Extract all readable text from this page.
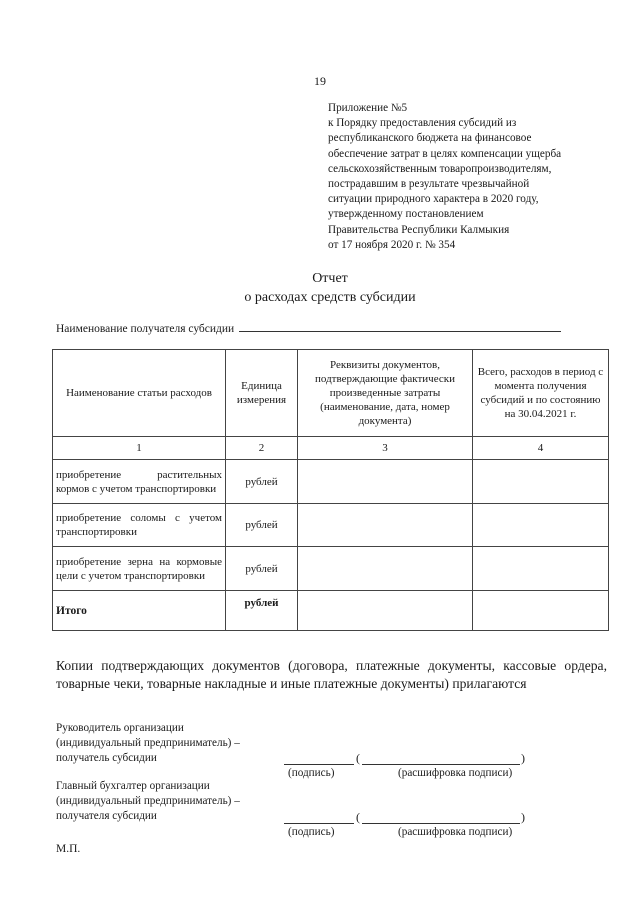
19
Приложение №5
к Порядку предоставления субсидий из
республиканского бюджета на финансовое
обеспечение затрат в целях компенсации ущерба
сельскохозяйственным товаропроизводителям,
пострадавшим в результате чрезвычайной
ситуации природного характера в 2020 году,
утвержденному постановлением
Правительства Республики Калмыкия
от 17 ноября 2020 г. № 354
Отчет
о расходах средств субсидии
Наименование получателя субсидии
Наименование статьи расходов	Единица измерения	Реквизиты документов, подтверждающие фактически произведенные затраты (наименование, дата, номер документа)	Всего, расходов в период с момента получения субсидий и по состоянию на 30.04.2021 г.
1	2	3	4
приобретение растительных кормов с учетом транспортировки	рублей		
приобретение соломы с учетом транспортировки	рублей		
приобретение зерна на кормовые цели с учетом транспортировки	рублей		
Итого	рублей		
Копии подтверждающих документов (договора, платежные документы, кассовые ордера, товарные чеки, товарные накладные и иные платежные документы) прилагаются
Руководитель организации
(индивидуальный предприниматель) –
получатель субсидии	(	)
(подпись)	(расшифровка подписи)
Главный бухгалтер организации
(индивидуальный предприниматель) –
получателя субсидии	(	)
(подпись)	(расшифровка подписи)
М.П.
